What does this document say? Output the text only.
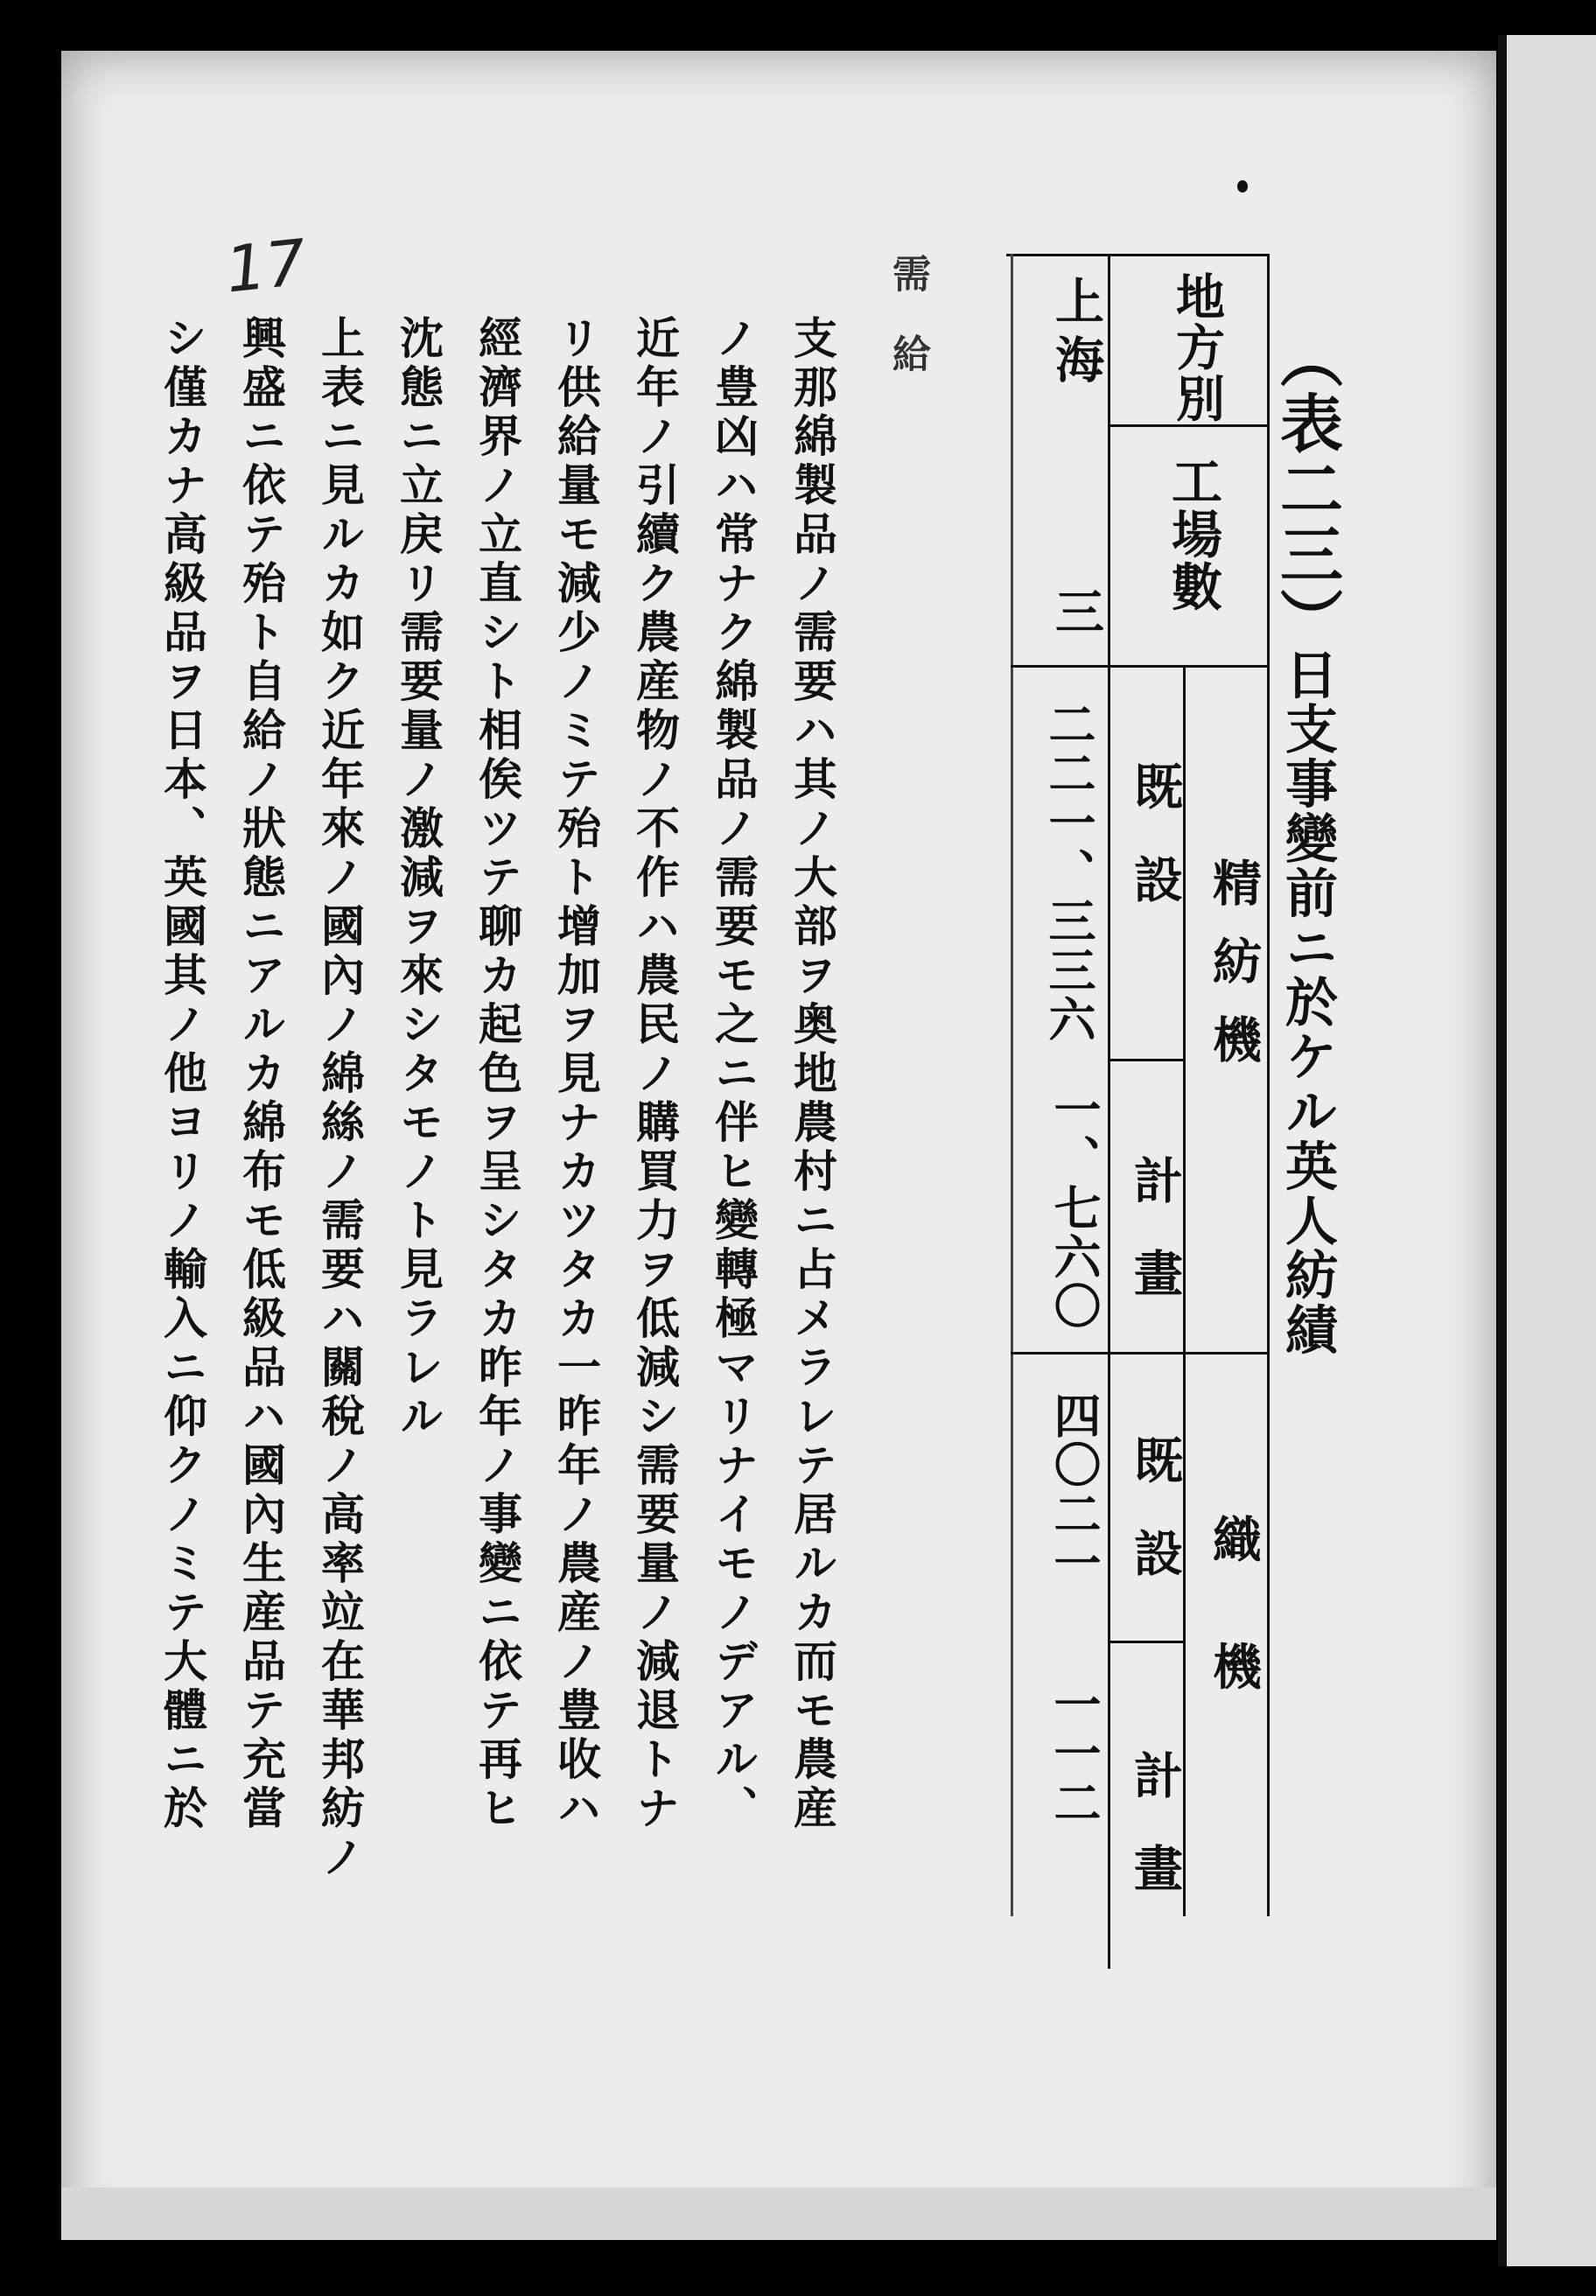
17
（表二三）
日支事變前ニ於ケル英人紡績
地方別
工場數
精紡機
織機
既設
計畫
既設
計畫
上海
三
二二一、三三六
一、七六〇
四〇二一
一一二
需　給
支那綿製品ノ需要ハ其ノ大部ヲ奥地農村ニ占メラレテ居ルカ而モ農産
ノ豊凶ハ常ナク綿製品ノ需要モ之ニ伴ヒ變轉極マリナイモノデアル、
近年ノ引續ク農産物ノ不作ハ農民ノ購買力ヲ低減シ需要量ノ減退トナ
リ供給量モ減少ノミテ殆ト增加ヲ見ナカツタカ一昨年ノ農産ノ豊收ハ
經濟界ノ立直シト相俟ツテ聊カ起色ヲ呈シタカ昨年ノ事變ニ依テ再ヒ
沈態ニ立戻リ需要量ノ激減ヲ來シタモノト見ラレル
上表ニ見ルカ如ク近年來ノ國內ノ綿絲ノ需要ハ關稅ノ高率竝在華邦紡ノ
興盛ニ依テ殆ト自給ノ狀態ニアルカ綿布モ低級品ハ國內生産品テ充當
シ僅カナ高級品ヲ日本、英國其ノ他ヨリノ輸入ニ仰クノミテ大體ニ於
